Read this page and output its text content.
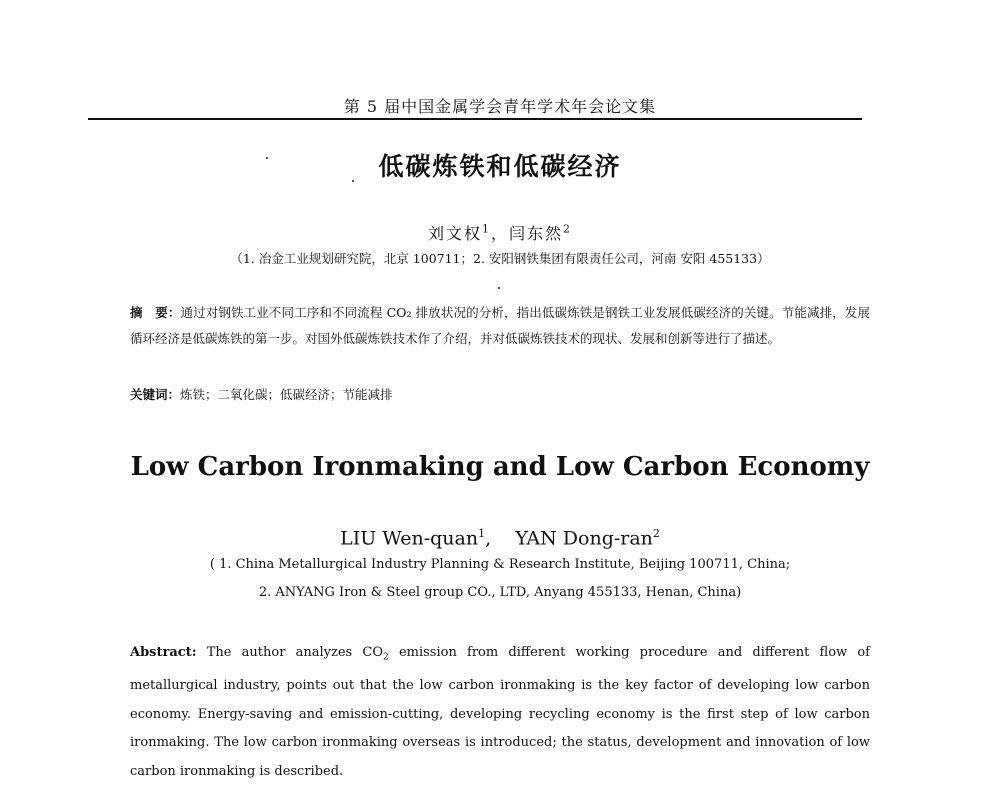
第 5 届中国金属学会青年学术年会论文集
低碳炼铁和低碳经济
刘文权$^1$，闫东然$^2$
（1. 冶金工业规划研究院，北京 100711；2. 安阳钢铁集团有限责任公司，河南 安阳 455133）
摘　要：通过对钢铁工业不同工序和不同流程 CO₂ 排放状况的分析，指出低碳炼铁是钢铁工业发展低碳经济的关键。节能减排，发展循环经济是低碳炼铁的第一步。对国外低碳炼铁技术作了介绍，并对低碳炼铁技术的现状、发展和创新等进行了描述。
关键词：炼铁；二氧化碳；低碳经济；节能减排
Low Carbon Ironmaking and Low Carbon Economy
LIU Wen-quan$^1$, YAN Dong-ran$^2$
( 1. China Metallurgical Industry Planning & Research Institute, Beijing 100711, China;
2. ANYANG Iron & Steel group CO., LTD, Anyang 455133, Henan, China)
Abstract: The author analyzes $CO_2$ emission from different working procedure and different flow of metallurgical industry, points out that the low carbon ironmaking is the key factor of developing low carbon economy. Energy-saving and emission-cutting, developing recycling economy is the first step of low carbon ironmaking. The low carbon ironmaking overseas is introduced; the status, development and innovation of low carbon ironmaking is described.
